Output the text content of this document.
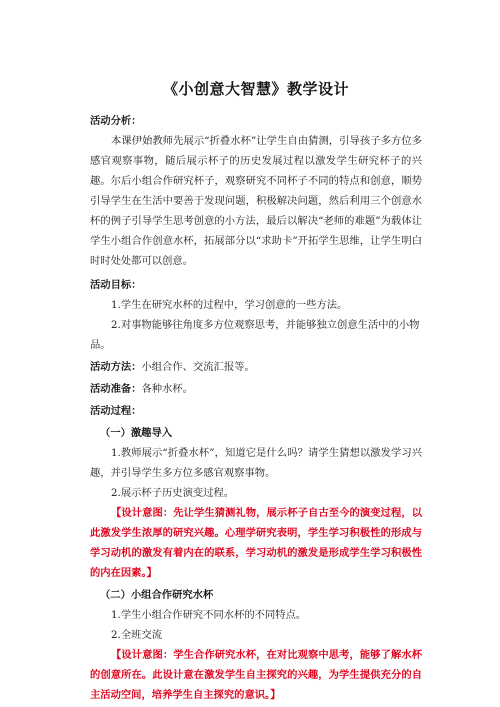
《小创意大智慧》教学设计
活动分析：

本课伊始教师先展示“折叠水杯”让学生自由猜测，引导孩子多方位多感官观察事物，随后展示杯子的历史发展过程以激发学生研究杯子的兴趣。尔后小组合作研究杯子，观察研究不同杯子不同的特点和创意，顺势引导学生在生活中要善于发现问题，积极解决问题，然后利用三个创意水杯的例子引导学生思考创意的小方法，最后以解决“老师的难题”为载体让学生小组合作创意水杯，拓展部分以“求助卡”开拓学生思维，让学生明白时时处处都可以创意。

活动目标：

1.学生在研究水杯的过程中，学习创意的一些方法。

2.对事物能够往角度多方位观察思考，并能够独立创意生活中的小物品。

活动方法：小组合作、交流汇报等。
活动准备：各种水杯。
活动过程：
（一）激趣导入

1.教师展示“折叠水杯”，知道它是什么吗？请学生猜想以激发学习兴趣，并引导学生多方位多感官观察事物。

2.展示杯子历史演变过程。

【设计意图：先让学生猜测礼物，展示杯子自古至今的演变过程，以此激发学生浓厚的研究兴趣。心理学研究表明，学生学习积极性的形成与学习动机的激发有着内在的联系，学习动机的激发是形成学生学习积极性的内在因素。】

（二）小组合作研究水杯

1.学生小组合作研究不同水杯的不同特点。

2.全班交流

【设计意图：学生合作研究水杯，在对比观察中思考，能够了解水杯的创意所在。此设计意在激发学生自主探究的兴趣，为学生提供充分的自主活动空间，培养学生自主探究的意识。】
